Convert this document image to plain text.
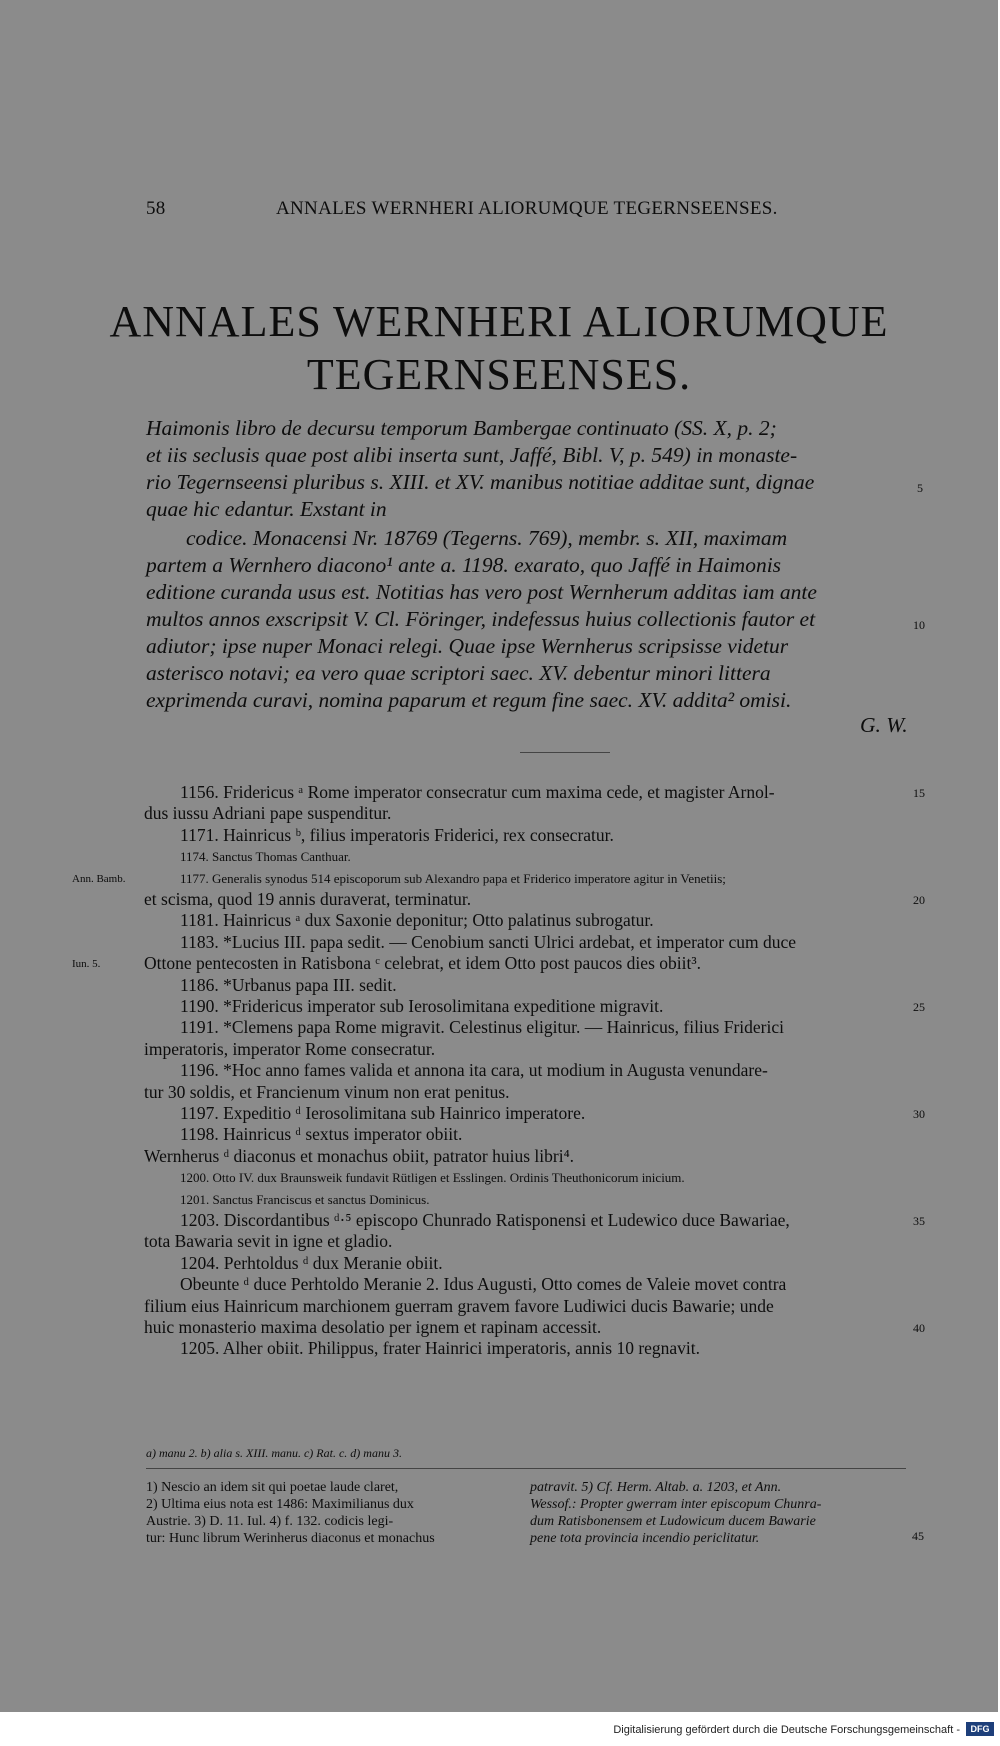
58	ANNALES WERNHERI ALIORUMQUE TEGERNSEENSES.
ANNALES WERNHERI ALIORUMQUE
TEGERNSEENSES.
Haimonis libro de decursu temporum Bambergae continuato (SS. X, p. 2;
et iis seclusis quae post alibi inserta sunt, Jaffé, Bibl. V, p. 549) in monaste-
rio Tegernseensi pluribus s. XIII. et XV. manibus notitiae additae sunt, dignae
quae hic edantur. Exstant in
codice. Monacensi Nr. 18769 (Tegerns. 769), membr. s. XII, maximam
partem a Wernhero diacono¹ ante a. 1198. exarato, quo Jaffé in Haimonis
editione curanda usus est. Notitias has vero post Wernherum additas iam ante
multos annos exscripsit V. Cl. Föringer, indefessus huius collectionis fautor et
adiutor; ipse nuper Monaci relegi. Quae ipse Wernherus scripsisse videtur
asterisco notavi; ea vero quae scriptori saec. XV. debentur minori littera
exprimenda curavi, nomina paparum et regum fine saec. XV. addita² omisi.
G. W.
5
10
1156. Fridericus ᵃ Rome imperator consecratur cum maxima cede, et magister Arnol-	15
dus iussu Adriani pape suspenditur.
1171. Hainricus ᵇ, filius imperatoris Friderici, rex consecratur.
1174. Sanctus Thomas Canthuar.
1177. Generalis synodus 514 episcoporum sub Alexandro papa et Friderico imperatore agitur in Venetiis;
Ann. Bamb.
et scisma, quod 19 annis duraverat, terminatur.	20
1181. Hainricus ᵃ dux Saxonie deponitur; Otto palatinus subrogatur.
1183. *Lucius III. papa sedit. — Cenobium sancti Ulrici ardebat, et imperator cum duce
Ottone pentecosten in Ratisbona ᶜ celebrat, et idem Otto post paucos dies obiit³.
Iun. 5.
1186. *Urbanus papa III. sedit.
1190. *Fridericus imperator sub Ierosolimitana expeditione migravit.	25
1191. *Clemens papa Rome migravit. Celestinus eligitur. — Hainricus, filius Friderici
imperatoris, imperator Rome consecratur.
1196. *Hoc anno fames valida et annona ita cara, ut modium in Augusta venundare-
tur 30 soldis, et Francienum vinum non erat penitus.
1197. Expeditio ᵈ Ierosolimitana sub Hainrico imperatore.	30
1198. Hainricus ᵈ sextus imperator obiit.
Wernherus ᵈ diaconus et monachus obiit, patrator huius libri⁴.
1200. Otto IV. dux Braunsweik fundavit Rütligen et Esslingen. Ordinis Theuthonicorum inicium.
1201. Sanctus Franciscus et sanctus Dominicus.
1203. Discordantibus ᵈ·⁵ episcopo Chunrado Ratisponensi et Ludewico duce Bawariae,	35
tota Bawaria sevit in igne et gladio.
1204. Perhtoldus ᵈ dux Meranie obiit.
Obeunte ᵈ duce Perhtoldo Meranie 2. Idus Augusti, Otto comes de Valeie movet contra
filium eius Hainricum marchionem guerram gravem favore Ludiwici ducis Bawarie; unde
huic monasterio maxima desolatio per ignem et rapinam accessit.	40
1205. Alher obiit. Philippus, frater Hainrici imperatoris, annis 10 regnavit.
a) manu 2. b) alia s. XIII. manu. c) Rat. c. d) manu 3.
1) Nescio an idem sit qui poetae laude claret,
2) Ultima eius nota est 1486: Maximilianus dux
Austrie. 3) D. 11. Iul. 4) f. 132. codicis legi-
tur: Hunc librum Werinherus diaconus et monachus
patravit. 5) Cf. Herm. Altab. a. 1203, et Ann.
Wessof.: Propter gwerram inter episcopum Chunra-
dum Ratisbonensem et Ludowicum ducem Bawarie
pene tota provincia incendio periclitatur.	45
Digitalisierung gefördert durch die Deutsche Forschungsgemeinschaft -	DFG
